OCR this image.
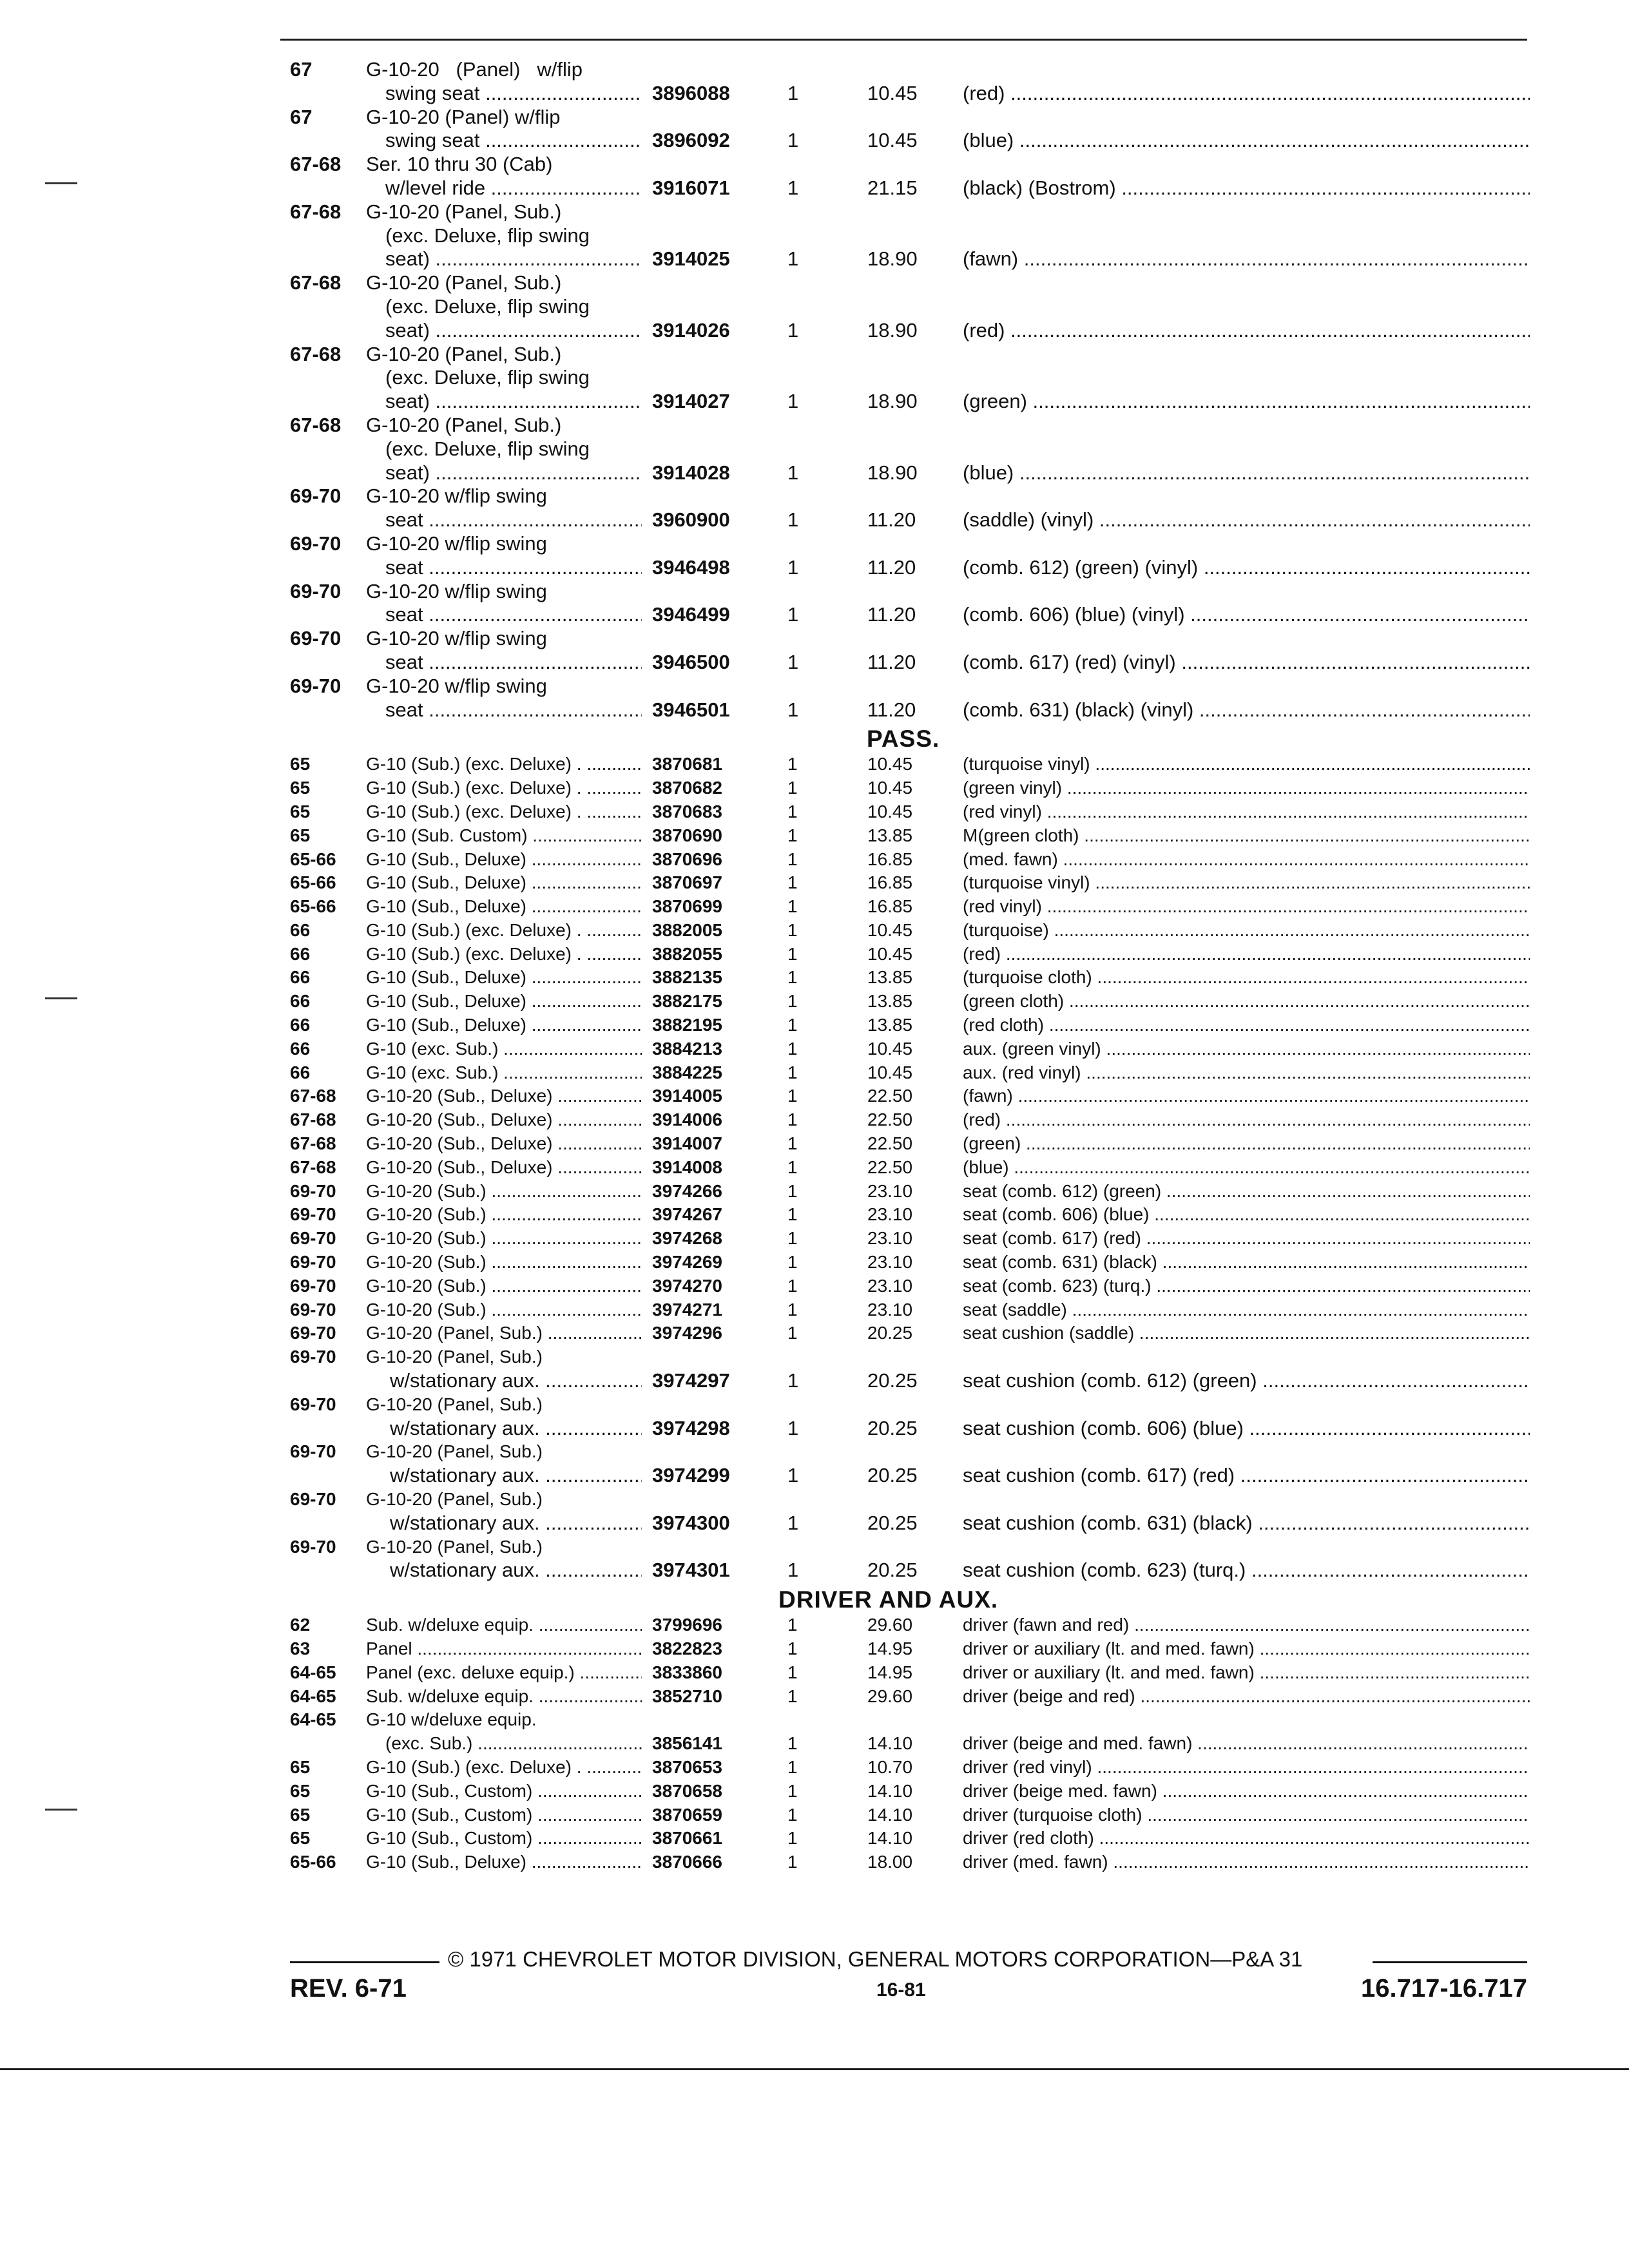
67	G-10-20   (Panel)   w/flip
swing seat .....	3896088	1	10.45 (red) .....
67	G-10-20 (Panel) w/flip
swing seat .....	3896092	1	10.45 (blue) .....
67-68 Ser. 10 thru 30 (Cab)
w/level ride .....	3916071	1	21.15 (black) (Bostrom) .....
67-68 G-10-20 (Panel, Sub.)
(exc. Deluxe, flip swing
seat) .....	3914025	1	18.90 (fawn) .....
67-68 G-10-20 (Panel, Sub.)
(exc. Deluxe, flip swing
seat) .....	3914026	1	18.90 (red) .....
67-68 G-10-20 (Panel, Sub.)
(exc. Deluxe, flip swing
seat) .....	3914027	1	18.90 (green) .....
67-68 G-10-20 (Panel, Sub.)
(exc. Deluxe, flip swing
seat) .....	3914028	1	18.90 (blue) .....
69-70 G-10-20 w/flip swing
seat .....	3960900	1	11.20 (saddle) (vinyl) .....
69-70 G-10-20 w/flip swing
seat .....	3946498	1	11.20 (comb. 612) (green) (vinyl) .....
69-70 G-10-20 w/flip swing
seat .....	3946499	1	11.20 (comb. 606) (blue) (vinyl) .....
69-70 G-10-20 w/flip swing
seat .....	3946500	1	11.20 (comb. 617) (red) (vinyl) .....
69-70 G-10-20 w/flip swing
seat .....	3946501	1	11.20 (comb. 631) (black) (vinyl) .....
PASS.
65	G-10 (Sub.) (exc. Deluxe) . .....	3870681	1	10.45	(turquoise vinyl) .....
65	G-10 (Sub.) (exc. Deluxe) . .....	3870682	1	10.45	(green vinyl) .....
65	G-10 (Sub.) (exc. Deluxe) . .....	3870683	1	10.45	(red vinyl) .....
65	G-10 (Sub. Custom) .....	3870690	1	13.85	M(green cloth) .....
65-66 G-10 (Sub., Deluxe) .....	3870696	1	16.85	(med. fawn) .....
65-66 G-10 (Sub., Deluxe) .....	3870697	1	16.85	(turquoise vinyl) .....
65-66 G-10 (Sub., Deluxe) .....	3870699	1	16.85	(red vinyl) .....
66	G-10 (Sub.) (exc. Deluxe) . .....	3882005	1	10.45	(turquoise) .....
66	G-10 (Sub.) (exc. Deluxe) . .....	3882055	1	10.45	(red) .....
66	G-10 (Sub., Deluxe) .....	3882135	1	13.85	(turquoise cloth) .....
66	G-10 (Sub., Deluxe) .....	3882175	1	13.85	(green cloth) .....
66	G-10 (Sub., Deluxe) .....	3882195	1	13.85	(red cloth) .....
66	G-10 (exc. Sub.) .....	3884213	1	10.45	aux. (green vinyl) .....
66	G-10 (exc. Sub.) .....	3884225	1	10.45	aux. (red vinyl) .....
67-68 G-10-20 (Sub., Deluxe) .....	3914005	1	22.50	(fawn) .....
67-68 G-10-20 (Sub., Deluxe) .....	3914006	1	22.50	(red) .....
67-68 G-10-20 (Sub., Deluxe) .....	3914007	1	22.50	(green) .....
67-68 G-10-20 (Sub., Deluxe) .....	3914008	1	22.50	(blue) .....
69-70 G-10-20 (Sub.) .....	3974266	1	23.10	seat (comb. 612) (green) .....
69-70 G-10-20 (Sub.) .....	3974267	1	23.10	seat (comb. 606) (blue) .....
69-70 G-10-20 (Sub.) .....	3974268	1	23.10	seat (comb. 617) (red) .....
69-70 G-10-20 (Sub.) .....	3974269	1	23.10	seat (comb. 631) (black) .....
69-70 G-10-20 (Sub.) .....	3974270	1	23.10	seat (comb. 623) (turq.) .....
69-70 G-10-20 (Sub.) .....	3974271	1	23.10	seat (saddle) .....
69-70 G-10-20 (Panel, Sub.) .....	3974296	1	20.25	seat cushion (saddle) .....
69-70 G-10-20 (Panel, Sub.)
w/stationary aux. .....	3974297	1	20.25 seat cushion (comb. 612) (green) .....
69-70 G-10-20 (Panel, Sub.)
w/stationary aux. .....	3974298	1	20.25 seat cushion (comb. 606) (blue) .....
69-70 G-10-20 (Panel, Sub.)
w/stationary aux. .....	3974299	1	20.25 seat cushion (comb. 617) (red) .....
69-70 G-10-20 (Panel, Sub.)
w/stationary aux. .....	3974300	1	20.25 seat cushion (comb. 631) (black) .....
69-70 G-10-20 (Panel, Sub.)
w/stationary aux. .....	3974301	1	20.25 seat cushion (comb. 623) (turq.) .....
DRIVER AND AUX.
62	Sub. w/deluxe equip. .....	3799696	1	29.60	driver (fawn and red) .....
63	Panel .....	3822823	1	14.95	driver or auxiliary (lt. and med. fawn) .....
64-65 Panel (exc. deluxe equip.) .....	3833860	1	14.95	driver or auxiliary (lt. and med. fawn) .....
64-65 Sub. w/deluxe equip. .....	3852710	1	29.60	driver (beige and red) .....
64-65 G-10 w/deluxe equip.
(exc. Sub.) .....	3856141	1	14.10	driver (beige and med. fawn) .....
65	G-10 (Sub.) (exc. Deluxe) . .....	3870653	1	10.70	driver (red vinyl) .....
65	G-10 (Sub., Custom) .....	3870658	1	14.10	driver (beige med. fawn) .....
65	G-10 (Sub., Custom) .....	3870659	1	14.10	driver (turquoise cloth) .....
65	G-10 (Sub., Custom) .....	3870661	1	14.10	driver (red cloth) .....
65-66 G-10 (Sub., Deluxe) .....	3870666	1	18.00	driver (med. fawn) .....
© 1971 CHEVROLET MOTOR DIVISION, GENERAL MOTORS CORPORATION—P&A 31
REV. 6-71	16-81	16.717-16.717
